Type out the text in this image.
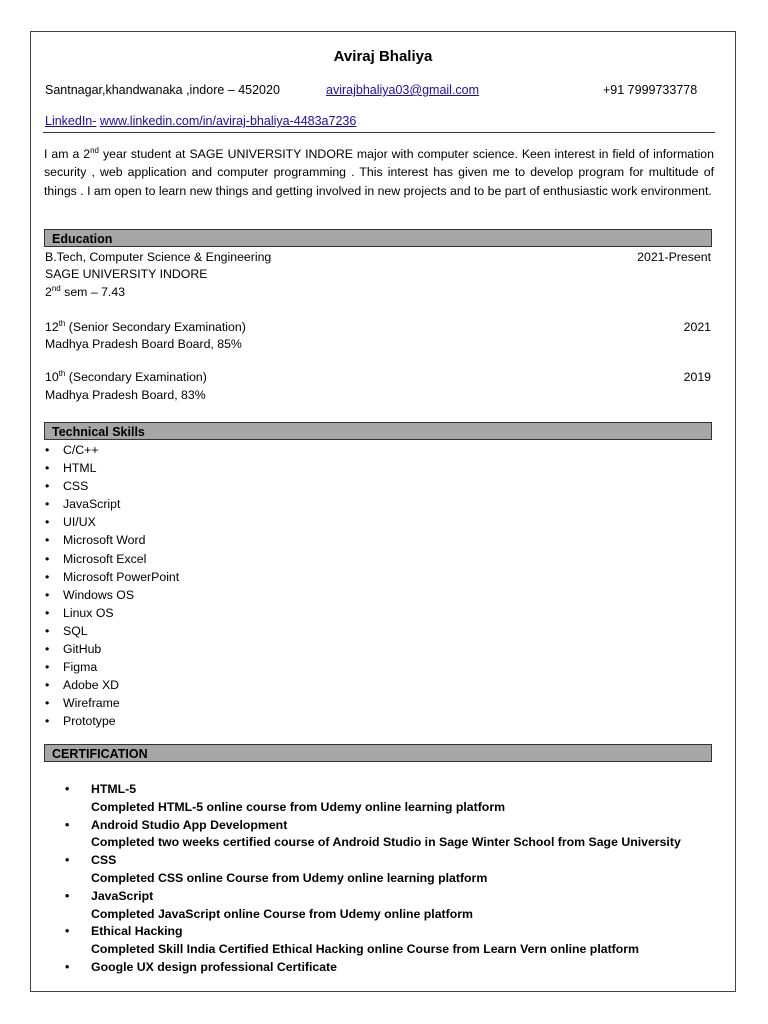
Aviraj Bhaliya
Santnagar,khandwanaka ,indore – 452020	avirajbhaliya03@gmail.com	+91 7999733778
LinkedIn- www.linkedin.com/in/aviraj-bhaliya-4483a7236
I am a 2nd year student at SAGE UNIVERSITY INDORE major with computer science. Keen interest in field of information security , web application and computer programming . This interest has given me to develop program for multitude of things . I am open to learn new things and getting involved in new projects and to be part of enthusiastic work environment.
Education
B.Tech, Computer Science & Engineering	2021-Present
SAGE UNIVERSITY INDORE
2nd sem – 7.43
12th (Senior Secondary Examination)	2021
Madhya Pradesh Board Board, 85%
10th (Secondary Examination)	2019
Madhya Pradesh Board, 83%
Technical Skills
• C/C++
• HTML
• CSS
• JavaScript
• UI/UX
• Microsoft Word
• Microsoft Excel
• Microsoft PowerPoint
• Windows OS
• Linux OS
• SQL
• GitHub
• Figma
• Adobe XD
• Wireframe
• Prototype
CERTIFICATION
• HTML-5
Completed HTML-5 online course from Udemy online learning platform
• Android Studio App Development
Completed two weeks certified course of Android Studio in Sage Winter School from Sage University
• CSS
Completed CSS online Course from Udemy online learning platform
• JavaScript
Completed JavaScript online Course from Udemy online platform
• Ethical Hacking
Completed Skill India Certified Ethical Hacking online Course from Learn Vern online platform
• Google UX design professional Certificate
